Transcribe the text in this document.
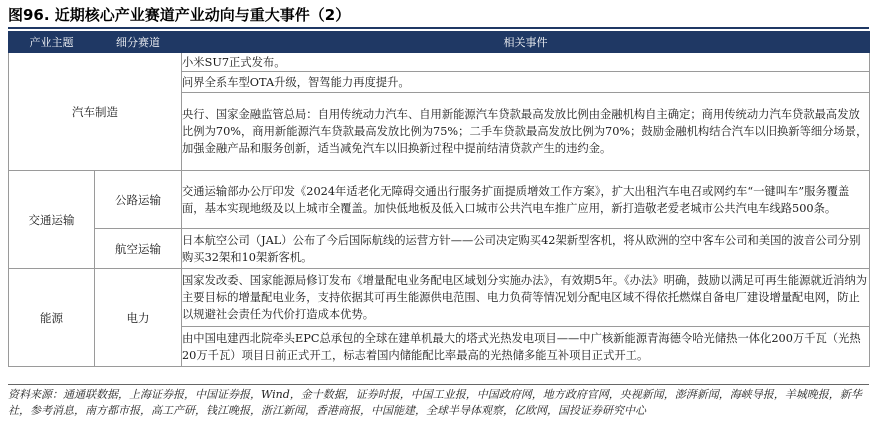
图96. 近期核心产业赛道产业动向与重大事件（2）
产业主题	细分赛道	相关事件
汽车制造		小米SU7正式发布。
		问界全系车型OTA升级，智驾能力再度提升。
		央行、国家金融监管总局：自用传统动力汽车、自用新能源汽车贷款最高发放比例由金融机构自主确定；商用传统动力汽车贷款最高发放比例为70%，商用新能源汽车贷款最高发放比例为75%；二手车贷款最高发放比例为70%；鼓励金融机构结合汽车以旧换新等细分场景，加强金融产品和服务创新，适当减免汽车以旧换新过程中提前结清贷款产生的违约金。
交通运输	公路运输	交通运输部办公厅印发《2024年适老化无障碍交通出行服务扩面提质增效工作方案》，扩大出租汽车电召或网约车“一键叫车”服务覆盖面，基本实现地级及以上城市全覆盖。加快低地板及低入口城市公共汽电车推广应用，新打造敬老爱老城市公共汽电车线路500条。
	航空运输	日本航空公司（JAL）公布了今后国际航线的运营方针——公司决定购买42架新型客机，将从欧洲的空中客车公司和美国的波音公司分别购买32架和10架新客机。
能源	电力	国家发改委、国家能源局修订发布《增量配电业务配电区域划分实施办法》，有效期5年。《办法》明确，鼓励以满足可再生能源就近消纳为主要目标的增量配电业务，支持依据其可再生能源供电范围、电力负荷等情况划分配电区域不得依托燃煤自备电厂建设增量配电网，防止以规避社会责任为代价打造成本优势。
		由中国电建西北院牵头EPC总承包的全球在建单机最大的塔式光热发电项目——中广核新能源青海德令哈光储热一体化200万千瓦（光热20万千瓦）项目日前正式开工，标志着国内储能配比率最高的光热储多能互补项目正式开工。
资料来源：通通联数据，上海证券报，中国证券报，Wind，金十数据，证券时报，中国工业报，中国政府网，地方政府官网，央视新闻，澎湃新闻，海峡导报，羊城晚报，新华社，参考消息，南方都市报，高工产研，钱江晚报，浙江新闻，香港商报，中国能建，全球半导体观察，亿欧网，国投证券研究中心
